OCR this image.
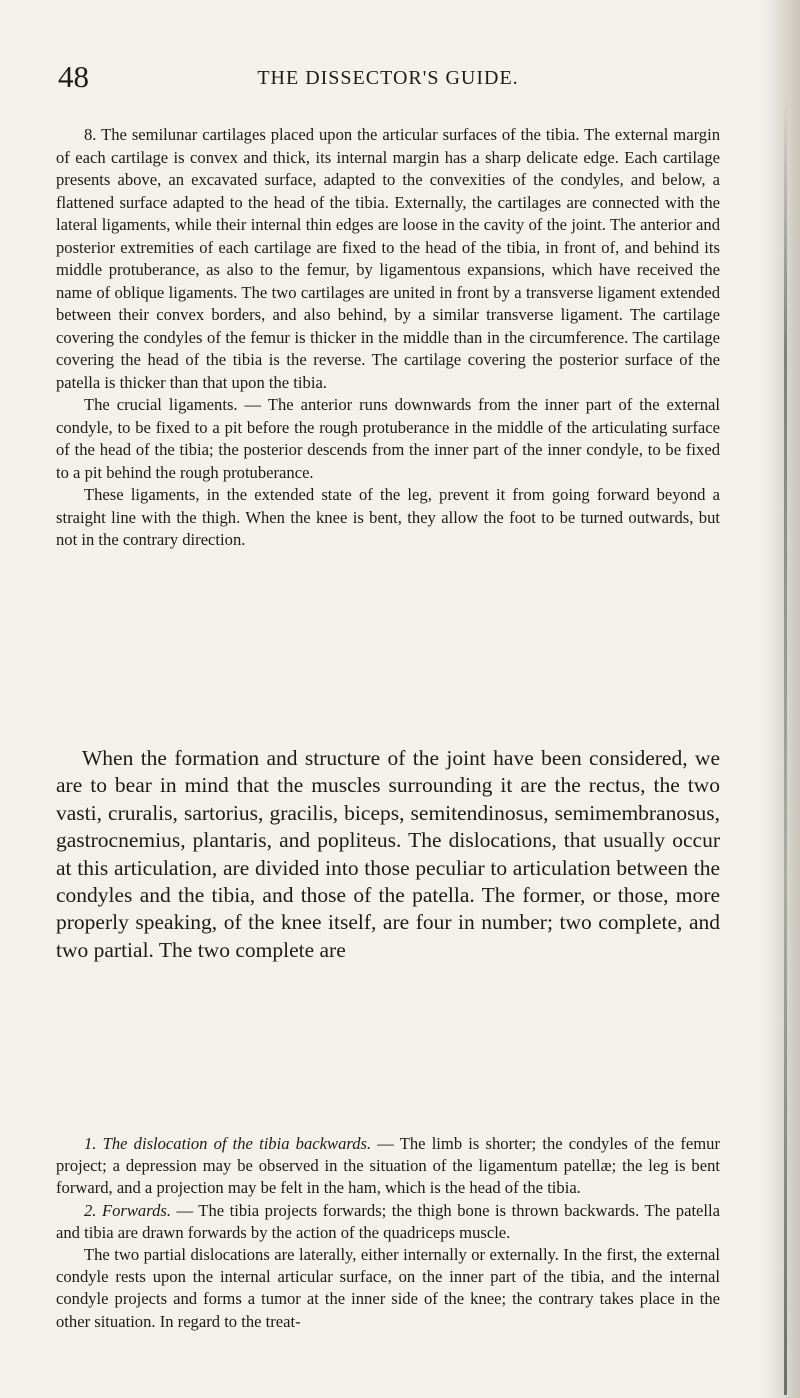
48	THE DISSECTOR'S GUIDE.

8. The semilunar cartilages placed upon the articular surfaces of the tibia. The external margin of each cartilage is convex and thick, its internal margin has a sharp delicate edge. Each cartilage presents above, an excavated surface, adapted to the convexities of the condyles, and below, a flattened surface adapted to the head of the tibia. Externally, the cartilages are connected with the lateral ligaments, while their internal thin edges are loose in the cavity of the joint. The anterior and posterior extremities of each cartilage are fixed to the head of the tibia, in front of, and behind its middle protuberance, as also to the femur, by ligamentous expansions, which have received the name of oblique ligaments. The two cartilages are united in front by a transverse ligament extended between their convex borders, and also behind, by a similar transverse ligament. The cartilage covering the condyles of the femur is thicker in the middle than in the circumference. The cartilage covering the head of the tibia is the reverse. The cartilage covering the posterior surface of the patella is thicker than that upon the tibia.

The crucial ligaments. — The anterior runs downwards from the inner part of the external condyle, to be fixed to a pit before the rough protuberance in the middle of the articulating surface of the head of the tibia; the posterior descends from the inner part of the inner condyle, to be fixed to a pit behind the rough protuberance.

These ligaments, in the extended state of the leg, prevent it from going forward beyond a straight line with the thigh. When the knee is bent, they allow the foot to be turned outwards, but not in the contrary direction.

When the formation and structure of the joint have been considered, we are to bear in mind that the muscles surrounding it are the rectus, the two vasti, cruralis, sartorius, gracilis, biceps, semitendinosus, semimembranosus, gastrocnemius, plantaris, and popliteus. The dislocations, that usually occur at this articulation, are divided into those peculiar to articulation between the condyles and the tibia, and those of the patella. The former, or those, more properly speaking, of the knee itself, are four in number; two complete, and two partial. The two complete are

1. The dislocation of the tibia backwards. — The limb is shorter; the condyles of the femur project; a depression may be observed in the situation of the ligamentum patellæ; the leg is bent forward, and a projection may be felt in the ham, which is the head of the tibia.

2. Forwards. — The tibia projects forwards; the thigh bone is thrown backwards. The patella and tibia are drawn forwards by the action of the quadriceps muscle.

The two partial dislocations are laterally, either internally or externally. In the first, the external condyle rests upon the internal articular surface, on the inner part of the tibia, and the internal condyle projects and forms a tumor at the inner side of the knee; the contrary takes place in the other situation. In regard to the treat-
